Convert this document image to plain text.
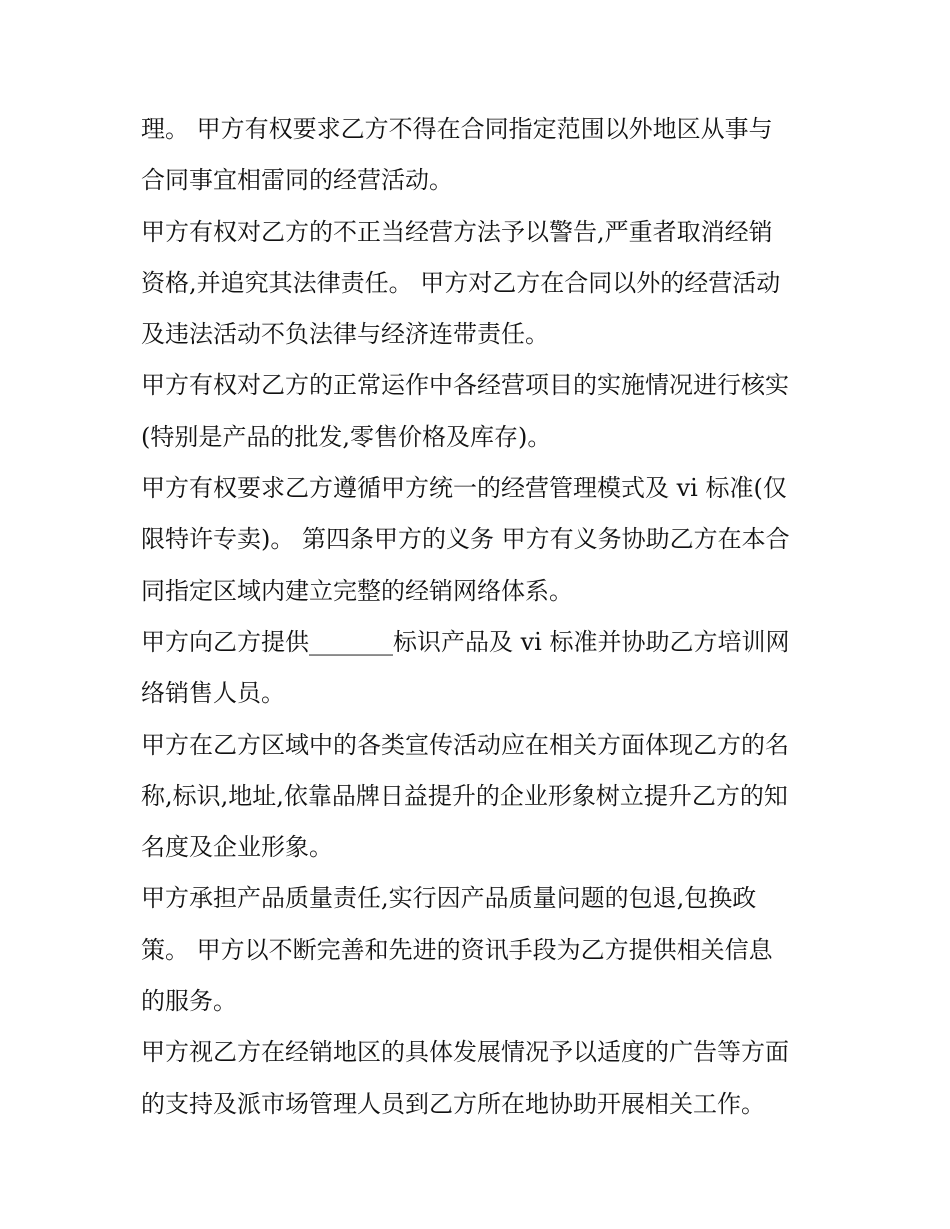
理。 甲方有权要求乙方不得在合同指定范围以外地区从事与
合同事宜相雷同的经营活动。

甲方有权对乙方的不正当经营方法予以警告,严重者取消经销
资格,并追究其法律责任。 甲方对乙方在合同以外的经营活动
及违法活动不负法律与经济连带责任。

甲方有权对乙方的正常运作中各经营项目的实施情况进行核实
(特别是产品的批发,零售价格及库存)。

甲方有权要求乙方遵循甲方统一的经营管理模式及 vi 标准(仅
限特许专卖)。 第四条甲方的义务 甲方有义务协助乙方在本合
同指定区域内建立完整的经销网络体系。

甲方向乙方提供_______标识产品及 vi 标准并协助乙方培训网
络销售人员。

甲方在乙方区域中的各类宣传活动应在相关方面体现乙方的名
称,标识,地址,依靠品牌日益提升的企业形象树立提升乙方的知
名度及企业形象。

甲方承担产品质量责任,实行因产品质量问题的包退,包换政
策。 甲方以不断完善和先进的资讯手段为乙方提供相关信息
的服务。

甲方视乙方在经销地区的具体发展情况予以适度的广告等方面
的支持及派市场管理人员到乙方所在地协助开展相关工作。
